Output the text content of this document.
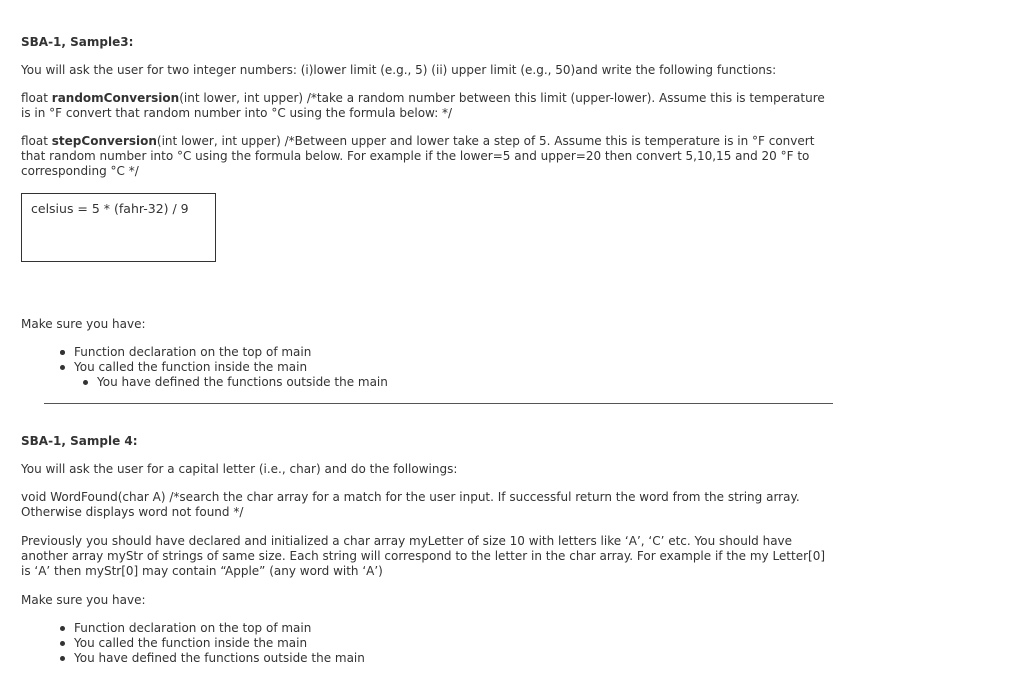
SBA-1, Sample3:
You will ask the user for two integer numbers: (i)lower limit (e.g., 5) (ii) upper limit (e.g., 50)and write the following functions:
float randomConversion(int lower, int upper) /*take a random number between this limit (upper-lower). Assume this is temperature is in °F convert that random number into °C using the formula below: */
float stepConversion(int lower, int upper) /*Between upper and lower take a step of 5. Assume this is temperature is in °F convert that random number into °C using the formula below. For example if the lower=5 and upper=20 then convert 5,10,15 and 20 °F to corresponding °C */
celsius = 5 * (fahr-32) / 9
Make sure you have:
Function declaration on the top of main
You called the function inside the main
You have defined the functions outside the main
SBA-1, Sample 4:
You will ask the user for a capital letter (i.e., char) and do the followings:
void WordFound(char A) /*search the char array for a match for the user input. If successful return the word from the string array. Otherwise displays word not found */
Previously you should have declared and initialized a char array myLetter of size 10 with letters like ‘A’, ‘C’ etc. You should have another array myStr of strings of same size. Each string will correspond to the letter in the char array. For example if the my Letter[0] is ‘A’ then myStr[0] may contain “Apple” (any word with ‘A’)
Make sure you have:
Function declaration on the top of main
You called the function inside the main
You have defined the functions outside the main
